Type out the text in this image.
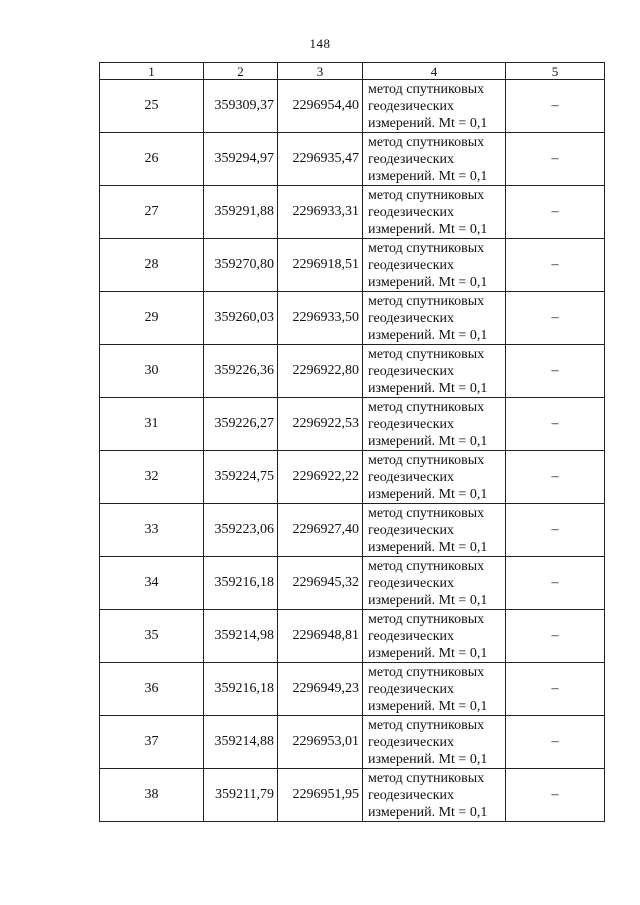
148
1	2	3	4	5
25	359309,37	2296954,40	метод спутниковых
геодезических
измерений. Mt = 0,1	–
26	359294,97	2296935,47	метод спутниковых
геодезических
измерений. Mt = 0,1	–
27	359291,88	2296933,31	метод спутниковых
геодезических
измерений. Mt = 0,1	–
28	359270,80	2296918,51	метод спутниковых
геодезических
измерений. Mt = 0,1	–
29	359260,03	2296933,50	метод спутниковых
геодезических
измерений. Mt = 0,1	–
30	359226,36	2296922,80	метод спутниковых
геодезических
измерений. Mt = 0,1	–
31	359226,27	2296922,53	метод спутниковых
геодезических
измерений. Mt = 0,1	–
32	359224,75	2296922,22	метод спутниковых
геодезических
измерений. Mt = 0,1	–
33	359223,06	2296927,40	метод спутниковых
геодезических
измерений. Mt = 0,1	–
34	359216,18	2296945,32	метод спутниковых
геодезических
измерений. Mt = 0,1	–
35	359214,98	2296948,81	метод спутниковых
геодезических
измерений. Mt = 0,1	–
36	359216,18	2296949,23	метод спутниковых
геодезических
измерений. Mt = 0,1	–
37	359214,88	2296953,01	метод спутниковых
геодезических
измерений. Mt = 0,1	–
38	359211,79	2296951,95	метод спутниковых
геодезических
измерений. Mt = 0,1	–
